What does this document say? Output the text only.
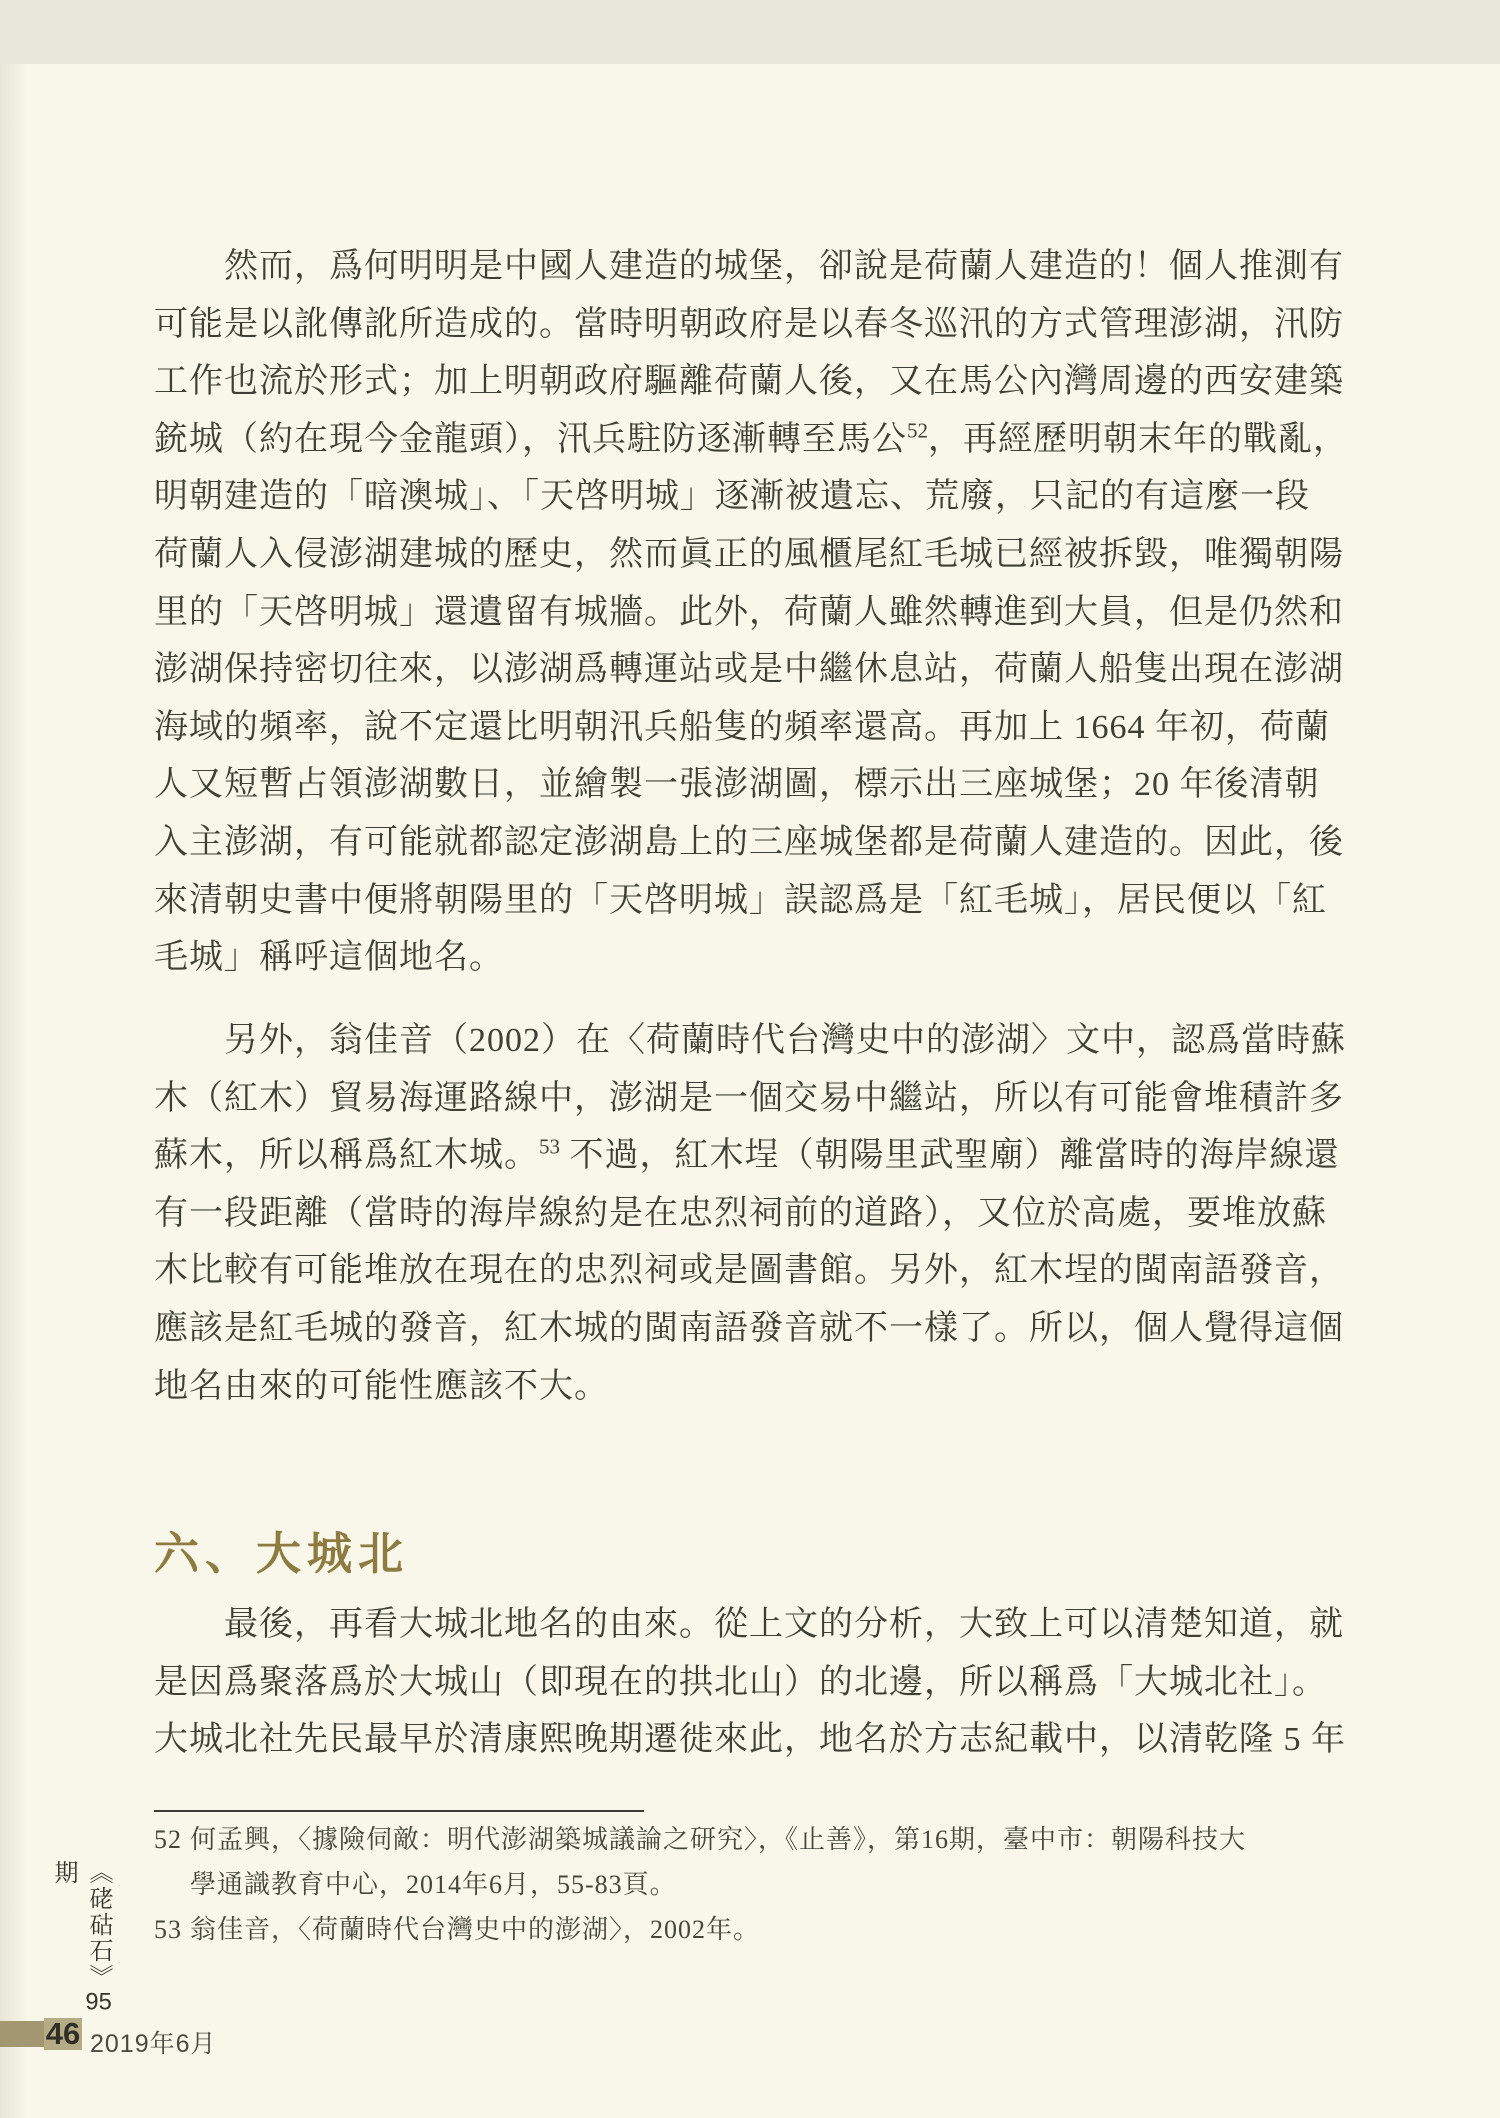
然而，爲何明明是中國人建造的城堡，卻說是荷蘭人建造的！個人推測有
可能是以訛傳訛所造成的。當時明朝政府是以春冬巡汛的方式管理澎湖，汛防
工作也流於形式；加上明朝政府驅離荷蘭人後，又在馬公內灣周邊的西安建築
銃城（約在現今金龍頭），汛兵駐防逐漸轉至馬公$^{52}$，再經歷明朝末年的戰亂，
明朝建造的「暗澳城」、「天啓明城」逐漸被遺忘、荒廢，只記的有這麼一段
荷蘭人入侵澎湖建城的歷史，然而眞正的風櫃尾紅毛城已經被拆毀，唯獨朝陽
里的「天啓明城」還遺留有城牆。此外，荷蘭人雖然轉進到大員，但是仍然和
澎湖保持密切往來，以澎湖爲轉運站或是中繼休息站，荷蘭人船隻出現在澎湖
海域的頻率，說不定還比明朝汛兵船隻的頻率還高。再加上 1664 年初，荷蘭
人又短暫占領澎湖數日，並繪製一張澎湖圖，標示出三座城堡；20 年後清朝
入主澎湖，有可能就都認定澎湖島上的三座城堡都是荷蘭人建造的。因此，後
來清朝史書中便將朝陽里的「天啓明城」誤認爲是「紅毛城」，居民便以「紅
毛城」稱呼這個地名。
另外，翁佳音（2002）在〈荷蘭時代台灣史中的澎湖〉文中，認爲當時蘇
木（紅木）貿易海運路線中，澎湖是一個交易中繼站，所以有可能會堆積許多
蘇木，所以稱爲紅木城。$^{53}$ 不過，紅木埕（朝陽里武聖廟）離當時的海岸線還
有一段距離（當時的海岸線約是在忠烈祠前的道路），又位於高處，要堆放蘇
木比較有可能堆放在現在的忠烈祠或是圖書館。另外，紅木埕的閩南語發音，
應該是紅毛城的發音，紅木城的閩南語發音就不一樣了。所以，個人覺得這個
地名由來的可能性應該不大。
六、大城北
最後，再看大城北地名的由來。從上文的分析，大致上可以清楚知道，就
是因爲聚落爲於大城山（即現在的拱北山）的北邊，所以稱爲「大城北社」。
大城北社先民最早於清康熙晚期遷徙來此，地名於方志紀載中，以清乾隆 5 年
52 何孟興，〈據險伺敵：明代澎湖築城議論之研究〉，《止善》，第16期，臺中市：朝陽科技大
學通識教育中心，2014年6月，55-83頁。
53 翁佳音，〈荷蘭時代台灣史中的澎湖〉，2002年。
《硓𥑮石》95期
46 2019年6月
